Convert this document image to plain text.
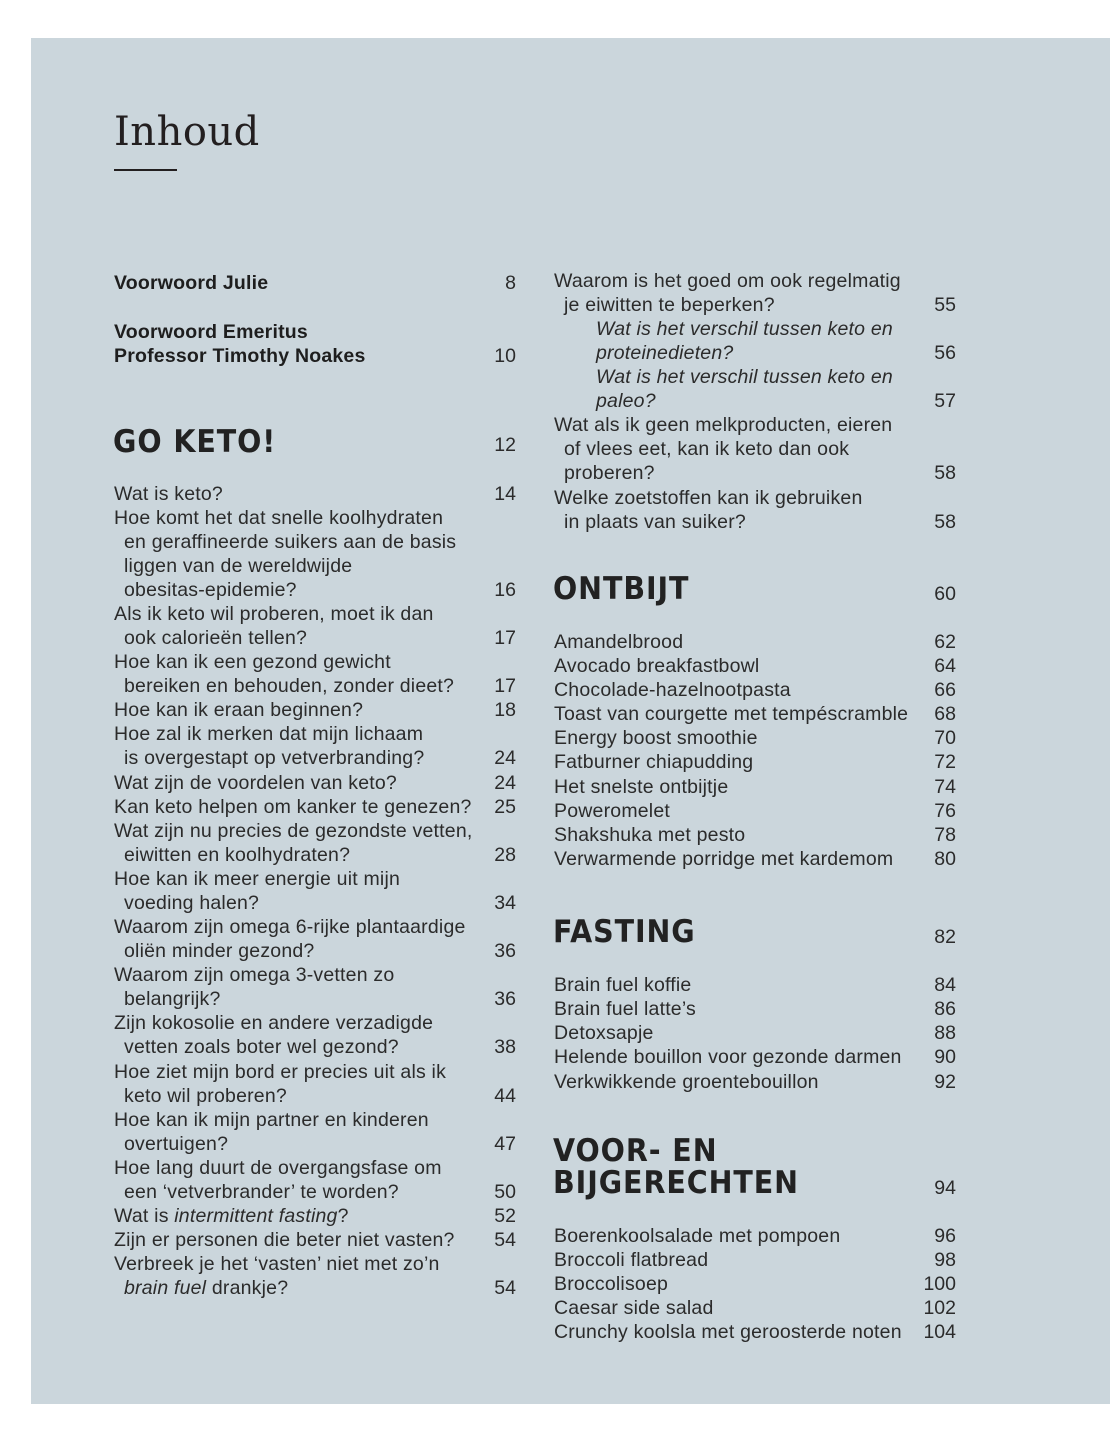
Inhoud
Voorwoord Julie	8
Voorwoord Emeritus
Professor Timothy Noakes	10
GO KETO!	12
Wat is keto?	14
Hoe komt het dat snelle koolhydraten
en geraffineerde suikers aan de basis
liggen van de wereldwijde
obesitas-epidemie?	16
Als ik keto wil proberen, moet ik dan
ook calorieën tellen?	17
Hoe kan ik een gezond gewicht
bereiken en behouden, zonder dieet?	17
Hoe kan ik eraan beginnen?	18
Hoe zal ik merken dat mijn lichaam
is overgestapt op vetverbranding?	24
Wat zijn de voordelen van keto?	24
Kan keto helpen om kanker te genezen?	25
Wat zijn nu precies de gezondste vetten,
eiwitten en koolhydraten?	28
Hoe kan ik meer energie uit mijn
voeding halen?	34
Waarom zijn omega 6-rijke plantaardige
oliën minder gezond?	36
Waarom zijn omega 3-vetten zo
belangrijk?	36
Zijn kokosolie en andere verzadigde
vetten zoals boter wel gezond?	38
Hoe ziet mijn bord er precies uit als ik
keto wil proberen?	44
Hoe kan ik mijn partner en kinderen
overtuigen?	47
Hoe lang duurt de overgangsfase om
een ‘vetverbrander’ te worden?	50
Wat is intermittent fasting?	52
Zijn er personen die beter niet vasten?	54
Verbreek je het ‘vasten’ niet met zo’n
brain fuel drankje?	54
Waarom is het goed om ook regelmatig
je eiwitten te beperken?	55
Wat is het verschil tussen keto en
proteinedieten?	56
Wat is het verschil tussen keto en
paleo?	57
Wat als ik geen melkproducten, eieren
of vlees eet, kan ik keto dan ook
proberen?	58
Welke zoetstoffen kan ik gebruiken
in plaats van suiker?	58
ONTBIJT	60
Amandelbrood	62
Avocado breakfastbowl	64
Chocolade-hazelnootpasta	66
Toast van courgette met tempéscramble	68
Energy boost smoothie	70
Fatburner chiapudding	72
Het snelste ontbijtje	74
Poweromelet	76
Shakshuka met pesto	78
Verwarmende porridge met kardemom	80
FASTING	82
Brain fuel koffie	84
Brain fuel latte’s	86
Detoxsapje	88
Helende bouillon voor gezonde darmen	90
Verkwikkende groentebouillon	92
VOOR- EN
BIJGERECHTEN	94
Boerenkoolsalade met pompoen	96
Broccoli flatbread	98
Broccolisoep	100
Caesar side salad	102
Crunchy koolsla met geroosterde noten	104
